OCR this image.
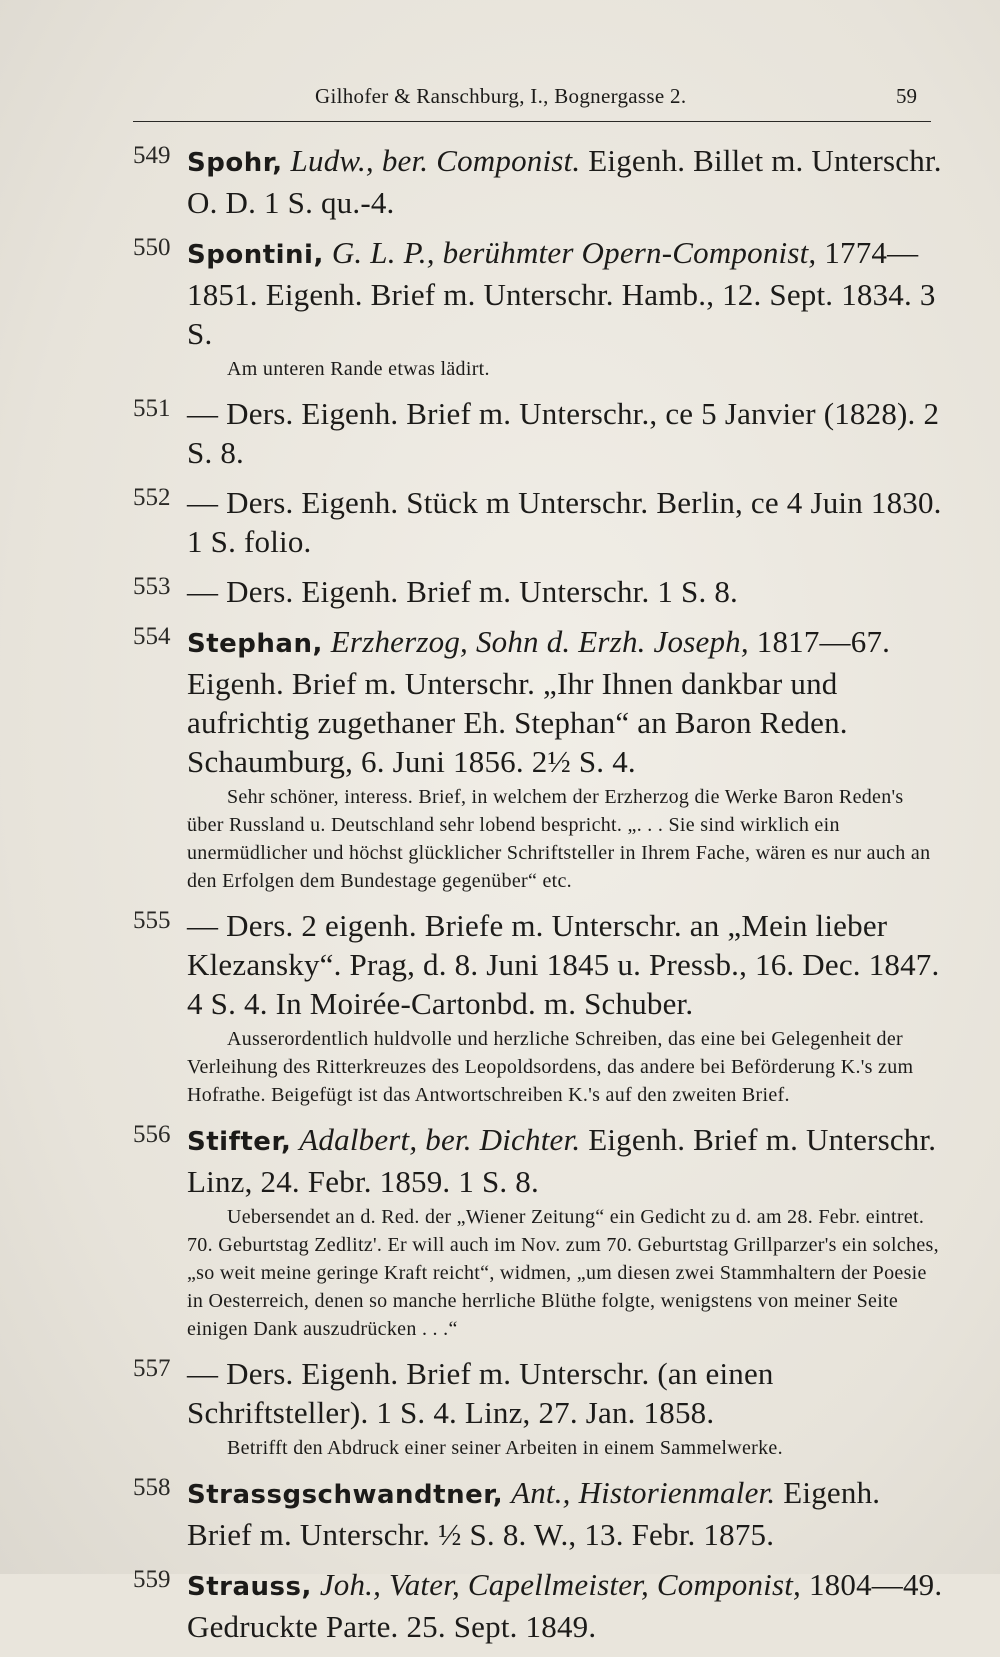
Gilhofer & Ranschburg, I., Bognergasse 2.	59
549 Spohr, Ludw., ber. Componist. Eigenh. Billet m. Unterschr. O. D. 1 S. qu.-4.
550 Spontini, G. L. P., berühmter Opern-Componist, 1774—1851. Eigenh. Brief m. Unterschr. Hamb., 12. Sept. 1834. 3 S.
Am unteren Rande etwas lädirt.
551 — Ders. Eigenh. Brief m. Unterschr., ce 5 Janvier (1828). 2 S. 8.
552 — Ders. Eigenh. Stück m Unterschr. Berlin, ce 4 Juin 1830. 1 S. folio.
553 — Ders. Eigenh. Brief m. Unterschr. 1 S. 8.
554 Stephan, Erzherzog, Sohn d. Erzh. Joseph, 1817—67. Eigenh. Brief m. Unterschr. „Ihr Ihnen dankbar und aufrichtig zugethaner Eh. Stephan“ an Baron Reden. Schaumburg, 6. Juni 1856. 2½ S. 4.
Sehr schöner, interess. Brief, in welchem der Erzherzog die Werke Baron Reden's über Russland u. Deutschland sehr lobend bespricht. „. . . Sie sind wirklich ein unermüdlicher und höchst glücklicher Schriftsteller in Ihrem Fache, wären es nur auch an den Erfolgen dem Bundestage gegenüber“ etc.
555 — Ders. 2 eigenh. Briefe m. Unterschr. an „Mein lieber Klezansky“. Prag, d. 8. Juni 1845 u. Pressb., 16. Dec. 1847. 4 S. 4. In Moirée-Cartonbd. m. Schuber.
Ausserordentlich huldvolle und herzliche Schreiben, das eine bei Gelegenheit der Verleihung des Ritterkreuzes des Leopoldsordens, das andere bei Beförderung K.'s zum Hofrathe. Beigefügt ist das Antwortschreiben K.'s auf den zweiten Brief.
556 Stifter, Adalbert, ber. Dichter. Eigenh. Brief m. Unterschr. Linz, 24. Febr. 1859. 1 S. 8.
Uebersendet an d. Red. der „Wiener Zeitung“ ein Gedicht zu d. am 28. Febr. eintret. 70. Geburtstag Zedlitz'. Er will auch im Nov. zum 70. Geburtstag Grillparzer's ein solches, „so weit meine geringe Kraft reicht“, widmen, „um diesen zwei Stammhaltern der Poesie in Oesterreich, denen so manche herrliche Blüthe folgte, wenigstens von meiner Seite einigen Dank auszudrücken . . .“
557 — Ders. Eigenh. Brief m. Unterschr. (an einen Schriftsteller). 1 S. 4. Linz, 27. Jan. 1858.
Betrifft den Abdruck einer seiner Arbeiten in einem Sammelwerke.
558 Strassgschwandtner, Ant., Historienmaler. Eigenh. Brief m. Unterschr. ½ S. 8. W., 13. Febr. 1875.
559 Strauss, Joh., Vater, Capellmeister, Componist, 1804—49. Gedruckte Parte. 25. Sept. 1849.
